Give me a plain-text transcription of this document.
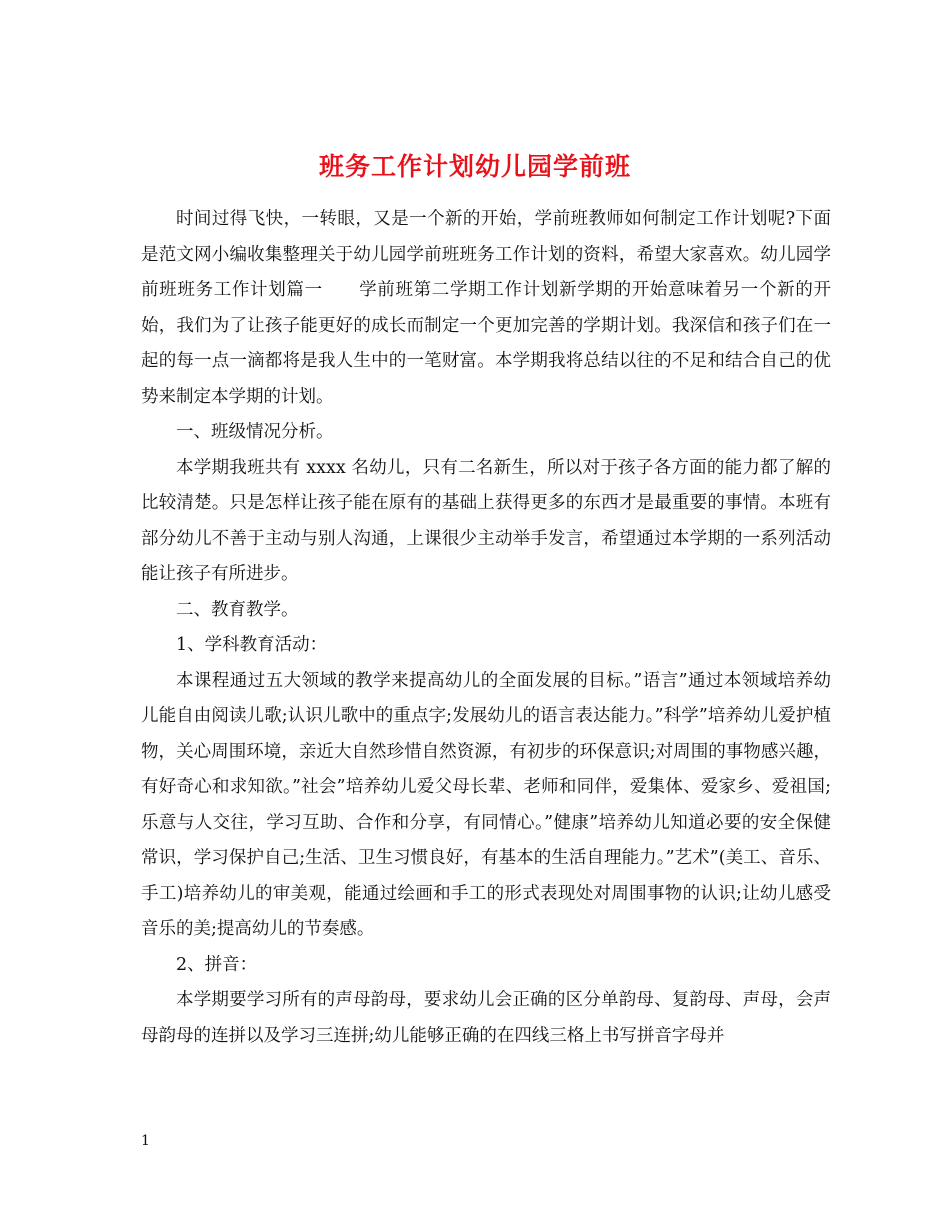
班务工作计划幼儿园学前班

时间过得飞快，一转眼，又是一个新的开始，学前班教师如何制定工作计划呢?下面是范文网小编收集整理关于幼儿园学前班班务工作计划的资料，希望大家喜欢。幼儿园学前班班务工作计划篇一　　学前班第二学期工作计划新学期的开始意味着另一个新的开始，我们为了让孩子能更好的成长而制定一个更加完善的学期计划。我深信和孩子们在一起的每一点一滴都将是我人生中的一笔财富。本学期我将总结以往的不足和结合自己的优势来制定本学期的计划。

一、班级情况分析。

本学期我班共有 xxxx 名幼儿，只有二名新生，所以对于孩子各方面的能力都了解的比较清楚。只是怎样让孩子能在原有的基础上获得更多的东西才是最重要的事情。本班有部分幼儿不善于主动与别人沟通，上课很少主动举手发言，希望通过本学期的一系列活动能让孩子有所进步。

二、教育教学。

1、学科教育活动：

本课程通过五大领域的教学来提高幼儿的全面发展的目标。”语言”通过本领域培养幼儿能自由阅读儿歌;认识儿歌中的重点字;发展幼儿的语言表达能力。”科学”培养幼儿爱护植物，关心周围环境，亲近大自然珍惜自然资源，有初步的环保意识;对周围的事物感兴趣，有好奇心和求知欲。”社会”培养幼儿爱父母长辈、老师和同伴，爱集体、爱家乡、爱祖国;乐意与人交往，学习互助、合作和分享，有同情心。”健康”培养幼儿知道必要的安全保健常识，学习保护自己;生活、卫生习惯良好，有基本的生活自理能力。”艺术”(美工、音乐、手工)培养幼儿的审美观，能通过绘画和手工的形式表现处对周围事物的认识;让幼儿感受音乐的美;提高幼儿的节奏感。

2、拼音：

本学期要学习所有的声母韵母，要求幼儿会正确的区分单韵母、复韵母、声母，会声母韵母的连拼以及学习三连拼;幼儿能够正确的在四线三格上书写拼音字母并

1
